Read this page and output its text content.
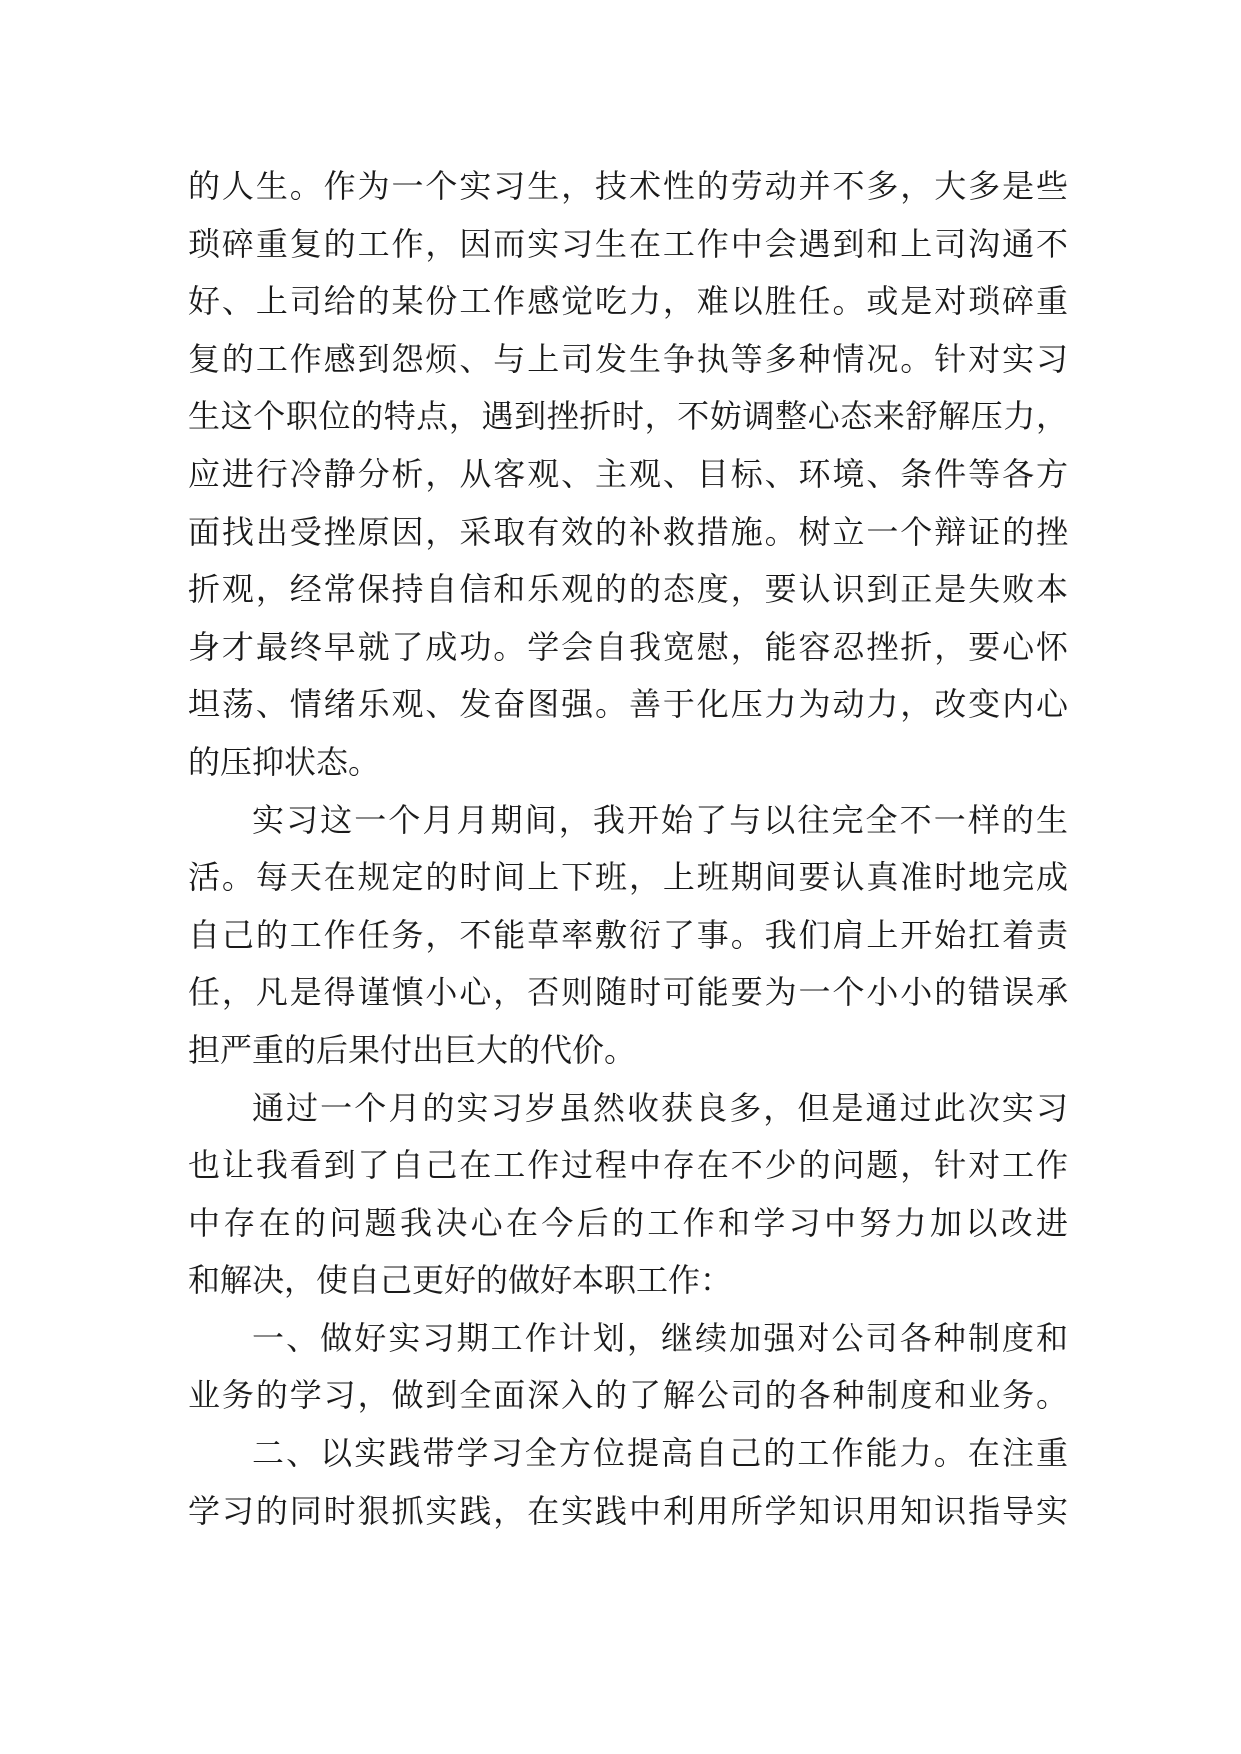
的人生。作为一个实习生，技术性的劳动并不多，大多是些
琐碎重复的工作，因而实习生在工作中会遇到和上司沟通不
好、上司给的某份工作感觉吃力，难以胜任。或是对琐碎重
复的工作感到怨烦、与上司发生争执等多种情况。针对实习
生这个职位的特点，遇到挫折时，不妨调整心态来舒解压力，
应进行冷静分析，从客观、主观、目标、环境、条件等各方
面找出受挫原因，采取有效的补救措施。树立一个辩证的挫
折观，经常保持自信和乐观的的态度，要认识到正是失败本
身才最终早就了成功。学会自我宽慰，能容忍挫折，要心怀
坦荡、情绪乐观、发奋图强。善于化压力为动力，改变内心
的压抑状态。
实习这一个月月期间，我开始了与以往完全不一样的生
活。每天在规定的时间上下班，上班期间要认真准时地完成
自己的工作任务，不能草率敷衍了事。我们肩上开始扛着责
任，凡是得谨慎小心，否则随时可能要为一个小小的错误承
担严重的后果付出巨大的代价。
通过一个月的实习岁虽然收获良多，但是通过此次实习
也让我看到了自己在工作过程中存在不少的问题，针对工作
中存在的问题我决心在今后的工作和学习中努力加以改进
和解决，使自己更好的做好本职工作：
一、做好实习期工作计划，继续加强对公司各种制度和
业务的学习，做到全面深入的了解公司的各种制度和业务。
二、以实践带学习全方位提高自己的工作能力。在注重
学习的同时狠抓实践，在实践中利用所学知识用知识指导实
